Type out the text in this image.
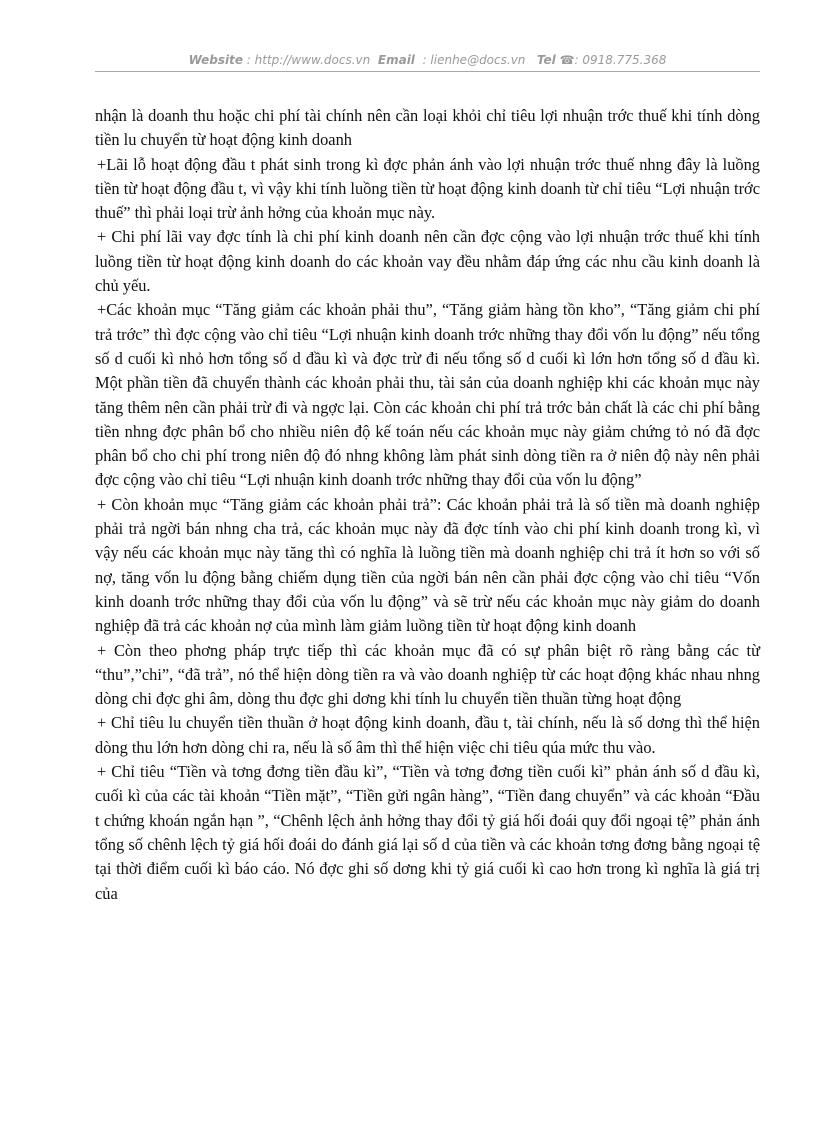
Website : http://www.docs.vn Email : lienhe@docs.vn Tel ☎: 0918.775.368

nhận là doanh thu hoặc chi phí tài chính nên cần loại khỏi chỉ tiêu lợi nhuận trớc thuế khi tính dòng tiền lu chuyển từ hoạt động kinh doanh

+Lãi lỗ hoạt động đầu t phát sinh trong kì đợc phản ánh vào lợi nhuận trớc thuế nhng đây là luồng tiền từ hoạt động đầu t, vì vậy khi tính luồng tiền từ hoạt động kinh doanh từ chỉ tiêu “Lợi nhuận trớc thuế” thì phải loại trừ ảnh hởng của khoản mục này.

+ Chi phí lãi vay đợc tính là chi phí kinh doanh nên cần đợc cộng vào lợi nhuận trớc thuế khi tính luồng tiền từ hoạt động kinh doanh do các khoản vay đều nhằm đáp ứng các nhu cầu kinh doanh là chủ yếu.

+Các khoản mục “Tăng giảm các khoản phải thu”, “Tăng giảm hàng tồn kho”, “Tăng giảm chi phí trả trớc” thì đợc cộng vào chỉ tiêu “Lợi nhuận kinh doanh trớc những thay đổi vốn lu động” nếu tổng số d cuối kì nhỏ hơn tổng số d đầu kì và đợc trừ đi nếu tổng số d cuối kì lớn hơn tổng số d đầu kì. Một phần tiền đã chuyển thành các khoản phải thu, tài sản của doanh nghiệp khi các khoản mục này tăng thêm nên cần phải trừ đi và ngợc lại. Còn các khoản chi phí trả trớc bản chất là các chi phí bằng tiền nhng đợc phân bổ cho nhiều niên độ kế toán nếu các khoản mục này giảm chứng tỏ nó đã đợc phân bổ cho chi phí trong niên độ đó nhng không làm phát sinh dòng tiền ra ở niên độ này nên phải đợc cộng vào chỉ tiêu “Lợi nhuận kinh doanh trớc những thay đổi của vốn lu động”

+ Còn khoản mục “Tăng giảm các khoản phải trả”: Các khoản phải trả là số tiền mà doanh nghiệp phải trả ngời bán nhng cha trả, các khoản mục này đã đợc tính vào chi phí kinh doanh trong kì, vì vậy nếu các khoản mục này tăng thì có nghĩa là luồng tiền mà doanh nghiệp chi trả ít hơn so với số nợ, tăng vốn lu động bằng chiếm dụng tiền của ngời bán nên cần phải đợc cộng vào chỉ tiêu “Vốn kinh doanh trớc những thay đổi của vốn lu động” và sẽ trừ nếu các khoản mục này giảm do doanh nghiệp đã trả các khoản nợ của mình làm giảm luồng tiền từ hoạt động kinh doanh

+ Còn theo phơng pháp trực tiếp thì các khoản mục đã có sự phân biệt rõ ràng bằng các từ “thu”,”chi”, “đã trả”, nó thể hiện dòng tiền ra và vào doanh nghiệp từ các hoạt động khác nhau nhng dòng chi đợc ghi âm, dòng thu đợc ghi dơng khi tính lu chuyển tiền thuần từng hoạt động

+ Chỉ tiêu lu chuyển tiền thuần ở hoạt động kinh doanh, đầu t, tài chính, nếu là số dơng thì thể hiện dòng thu lớn hơn dòng chi ra, nếu là số âm thì thể hiện việc chi tiêu qúa mức thu vào.

+ Chỉ tiêu “Tiền và tơng đơng tiền đầu kì”, “Tiền và tơng đơng tiền cuối kì” phản ánh số d đầu kì, cuối kì của các tài khoản “Tiền mặt”, “Tiền gửi ngân hàng”, “Tiền đang chuyển” và các khoản “Đầu t chứng khoán ngắn hạn ”, “Chênh lệch ảnh hởng thay đổi tỷ giá hối đoái quy đổi ngoại tệ” phản ánh tổng số chênh lệch tỷ giá hối đoái do đánh giá lại số d của tiền và các khoản tơng đơng bằng ngoại tệ tại thời điểm cuối kì báo cáo. Nó đợc ghi số dơng khi tỷ giá cuối kì cao hơn trong kì nghĩa là giá trị của
